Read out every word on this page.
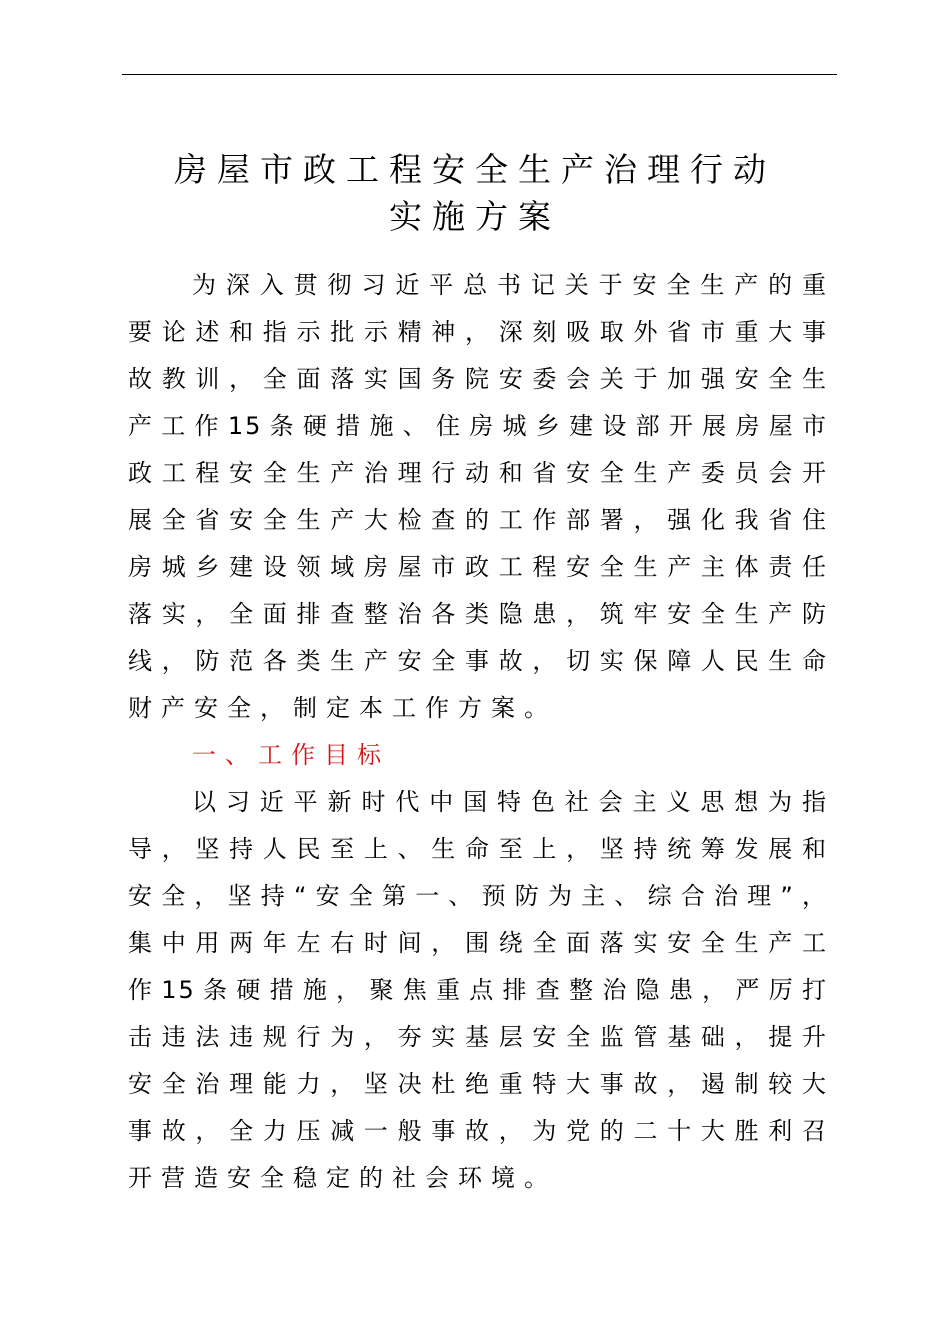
房屋市政工程安全生产治理行动
实施方案
为深入贯彻习近平总书记关于安全生产的重
要论述和指示批示精神，深刻吸取外省市重大事
故教训，全面落实国务院安委会关于加强安全生
产工作15条硬措施、住房城乡建设部开展房屋市
政工程安全生产治理行动和省安全生产委员会开
展全省安全生产大检查的工作部署，强化我省住
房城乡建设领域房屋市政工程安全生产主体责任
落实，全面排查整治各类隐患，筑牢安全生产防
线，防范各类生产安全事故，切实保障人民生命
财产安全，制定本工作方案。
一、工作目标
以习近平新时代中国特色社会主义思想为指
导，坚持人民至上、生命至上，坚持统筹发展和
安全，坚持“安全第一、预防为主、综合治理”，
集中用两年左右时间，围绕全面落实安全生产工
作15条硬措施，聚焦重点排查整治隐患，严厉打
击违法违规行为，夯实基层安全监管基础，提升
安全治理能力，坚决杜绝重特大事故，遏制较大
事故，全力压减一般事故，为党的二十大胜利召
开营造安全稳定的社会环境。
